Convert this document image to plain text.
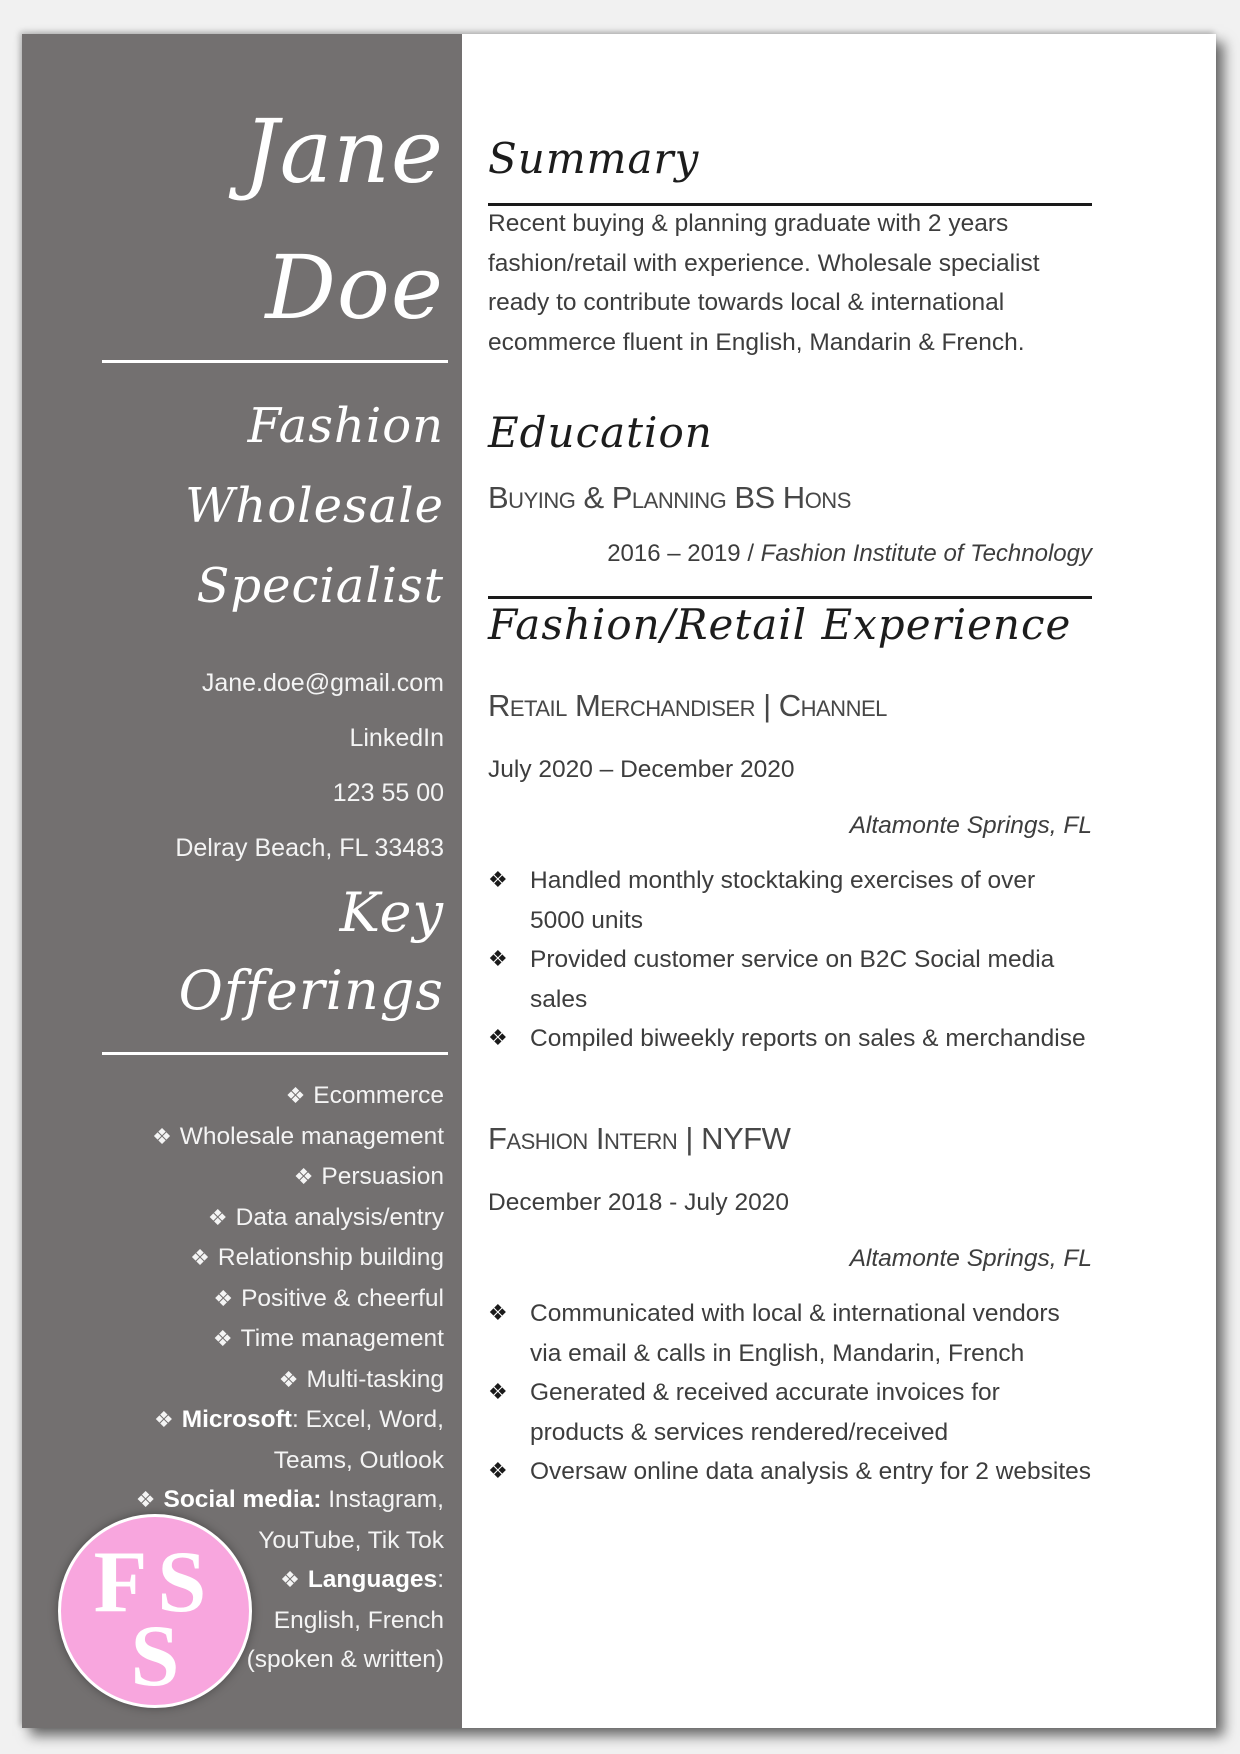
Jane
Doe
Fashion
Wholesale
Specialist
Jane.doe@gmail.com
LinkedIn
123 55 00
Delray Beach, FL 33483
Key
Offerings
❖ Ecommerce
❖ Wholesale management
❖ Persuasion
❖ Data analysis/entry
❖ Relationship building
❖ Positive & cheerful
❖ Time management
❖ Multi-tasking
❖ Microsoft: Excel, Word, Teams, Outlook
❖ Social media: Instagram, YouTube, Tik Tok
❖ Languages: English, French (spoken & written)
FS
S
Summary
Recent buying & planning graduate with 2 years fashion/retail with experience. Wholesale specialist ready to contribute towards local & international ecommerce fluent in English, Mandarin & French.
Education
Buying & Planning BS Hons
2016 – 2019 / Fashion Institute of Technology
Fashion/Retail Experience
Retail Merchandiser | Channel
July 2020 – December 2020
Altamonte Springs, FL
❖ Handled monthly stocktaking exercises of over 5000 units
❖ Provided customer service on B2C Social media sales
❖ Compiled biweekly reports on sales & merchandise
Fashion Intern | NYFW
December 2018 - July 2020
Altamonte Springs, FL
❖ Communicated with local & international vendors via email & calls in English, Mandarin, French
❖ Generated & received accurate invoices for products & services rendered/received
❖ Oversaw online data analysis & entry for 2 websites
